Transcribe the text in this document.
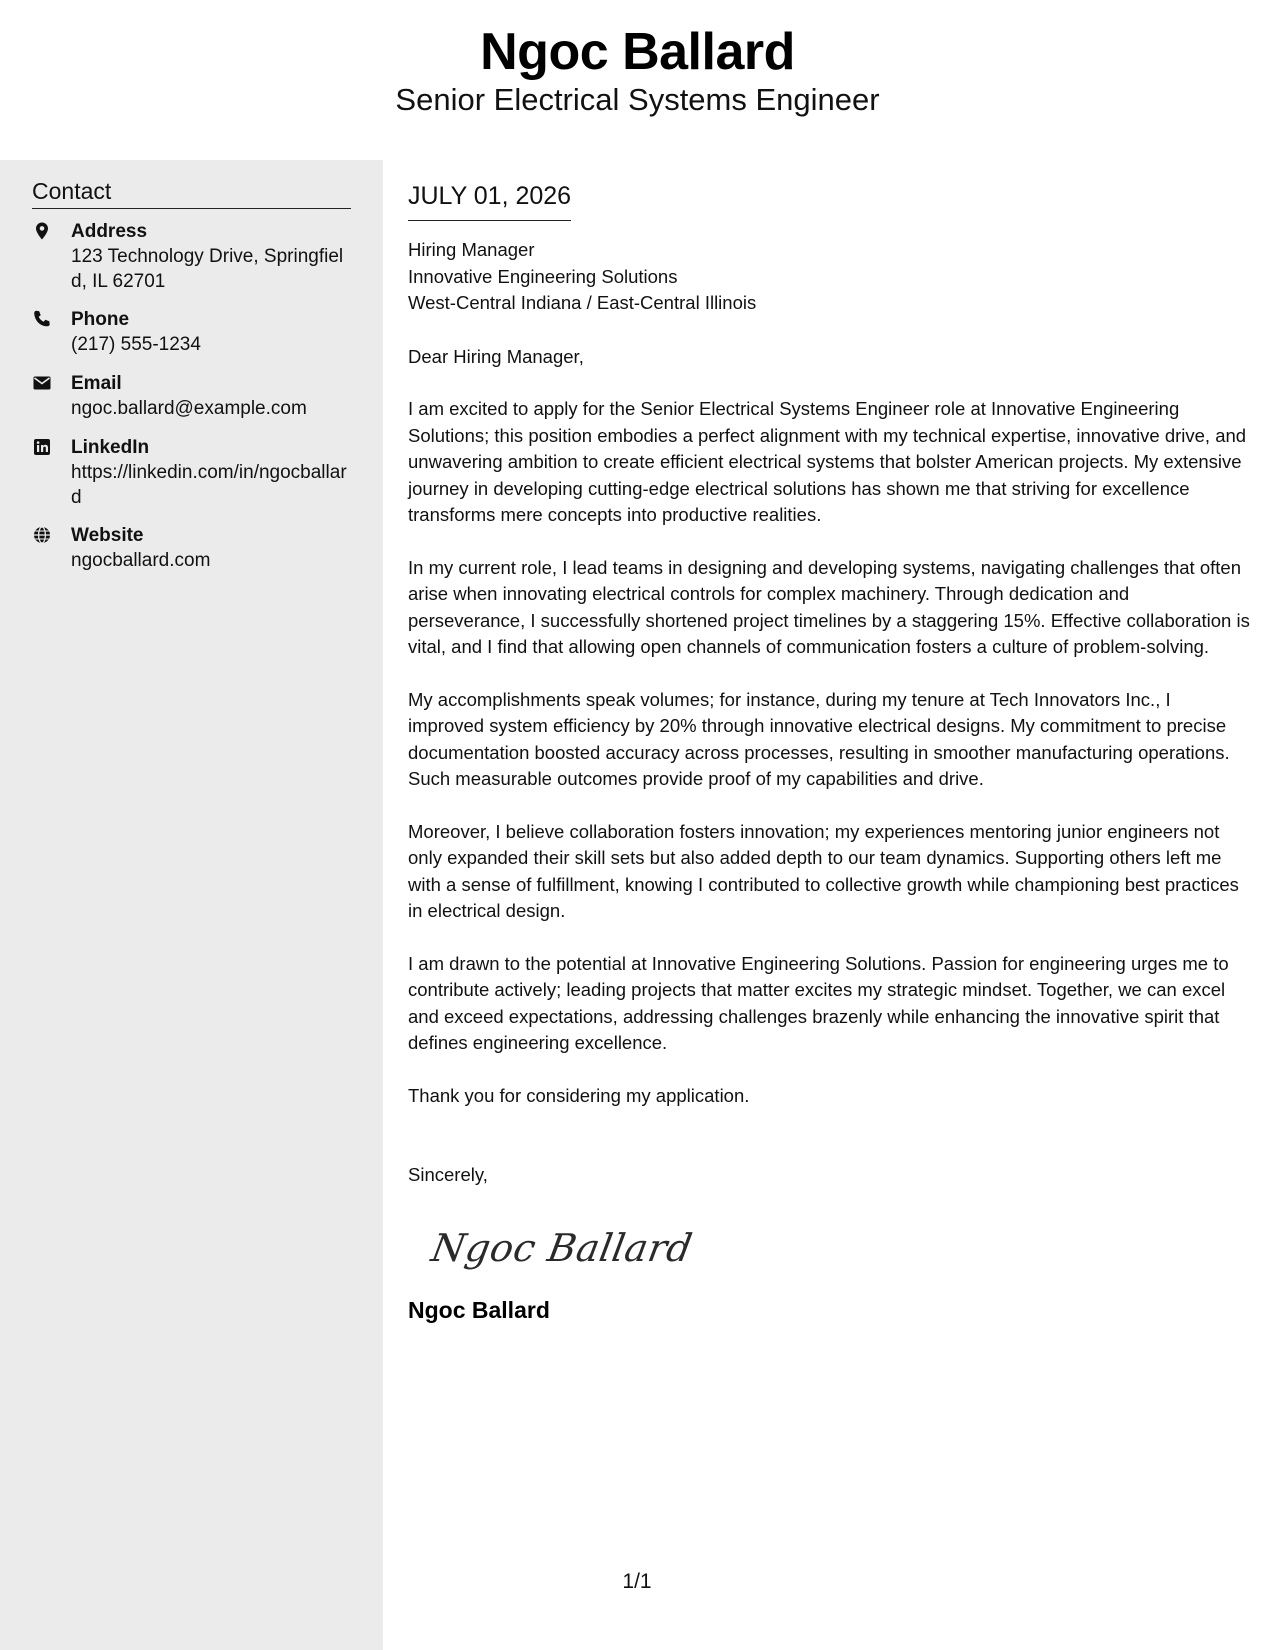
Ngoc Ballard
Senior Electrical Systems Engineer
Contact
Address
123 Technology Drive, Springfield, IL 62701
Phone
(217) 555-1234
Email
ngoc.ballard@example.com
LinkedIn
https://linkedin.com/in/ngocballard
Website
ngocballard.com
JULY 01, 2026
Hiring Manager
Innovative Engineering Solutions
West-Central Indiana / East-Central Illinois
Dear Hiring Manager,
I am excited to apply for the Senior Electrical Systems Engineer role at Innovative Engineering Solutions; this position embodies a perfect alignment with my technical expertise, innovative drive, and unwavering ambition to create efficient electrical systems that bolster American projects. My extensive journey in developing cutting-edge electrical solutions has shown me that striving for excellence transforms mere concepts into productive realities.
In my current role, I lead teams in designing and developing systems, navigating challenges that often arise when innovating electrical controls for complex machinery. Through dedication and perseverance, I successfully shortened project timelines by a staggering 15%. Effective collaboration is vital, and I find that allowing open channels of communication fosters a culture of problem-solving.
My accomplishments speak volumes; for instance, during my tenure at Tech Innovators Inc., I improved system efficiency by 20% through innovative electrical designs. My commitment to precise documentation boosted accuracy across processes, resulting in smoother manufacturing operations. Such measurable outcomes provide proof of my capabilities and drive.
Moreover, I believe collaboration fosters innovation; my experiences mentoring junior engineers not only expanded their skill sets but also added depth to our team dynamics. Supporting others left me with a sense of fulfillment, knowing I contributed to collective growth while championing best practices in electrical design.
I am drawn to the potential at Innovative Engineering Solutions. Passion for engineering urges me to contribute actively; leading projects that matter excites my strategic mindset. Together, we can excel and exceed expectations, addressing challenges brazenly while enhancing the innovative spirit that defines engineering excellence.
Thank you for considering my application.
Sincerely,
Ngoc Ballard
Ngoc Ballard
1/1
